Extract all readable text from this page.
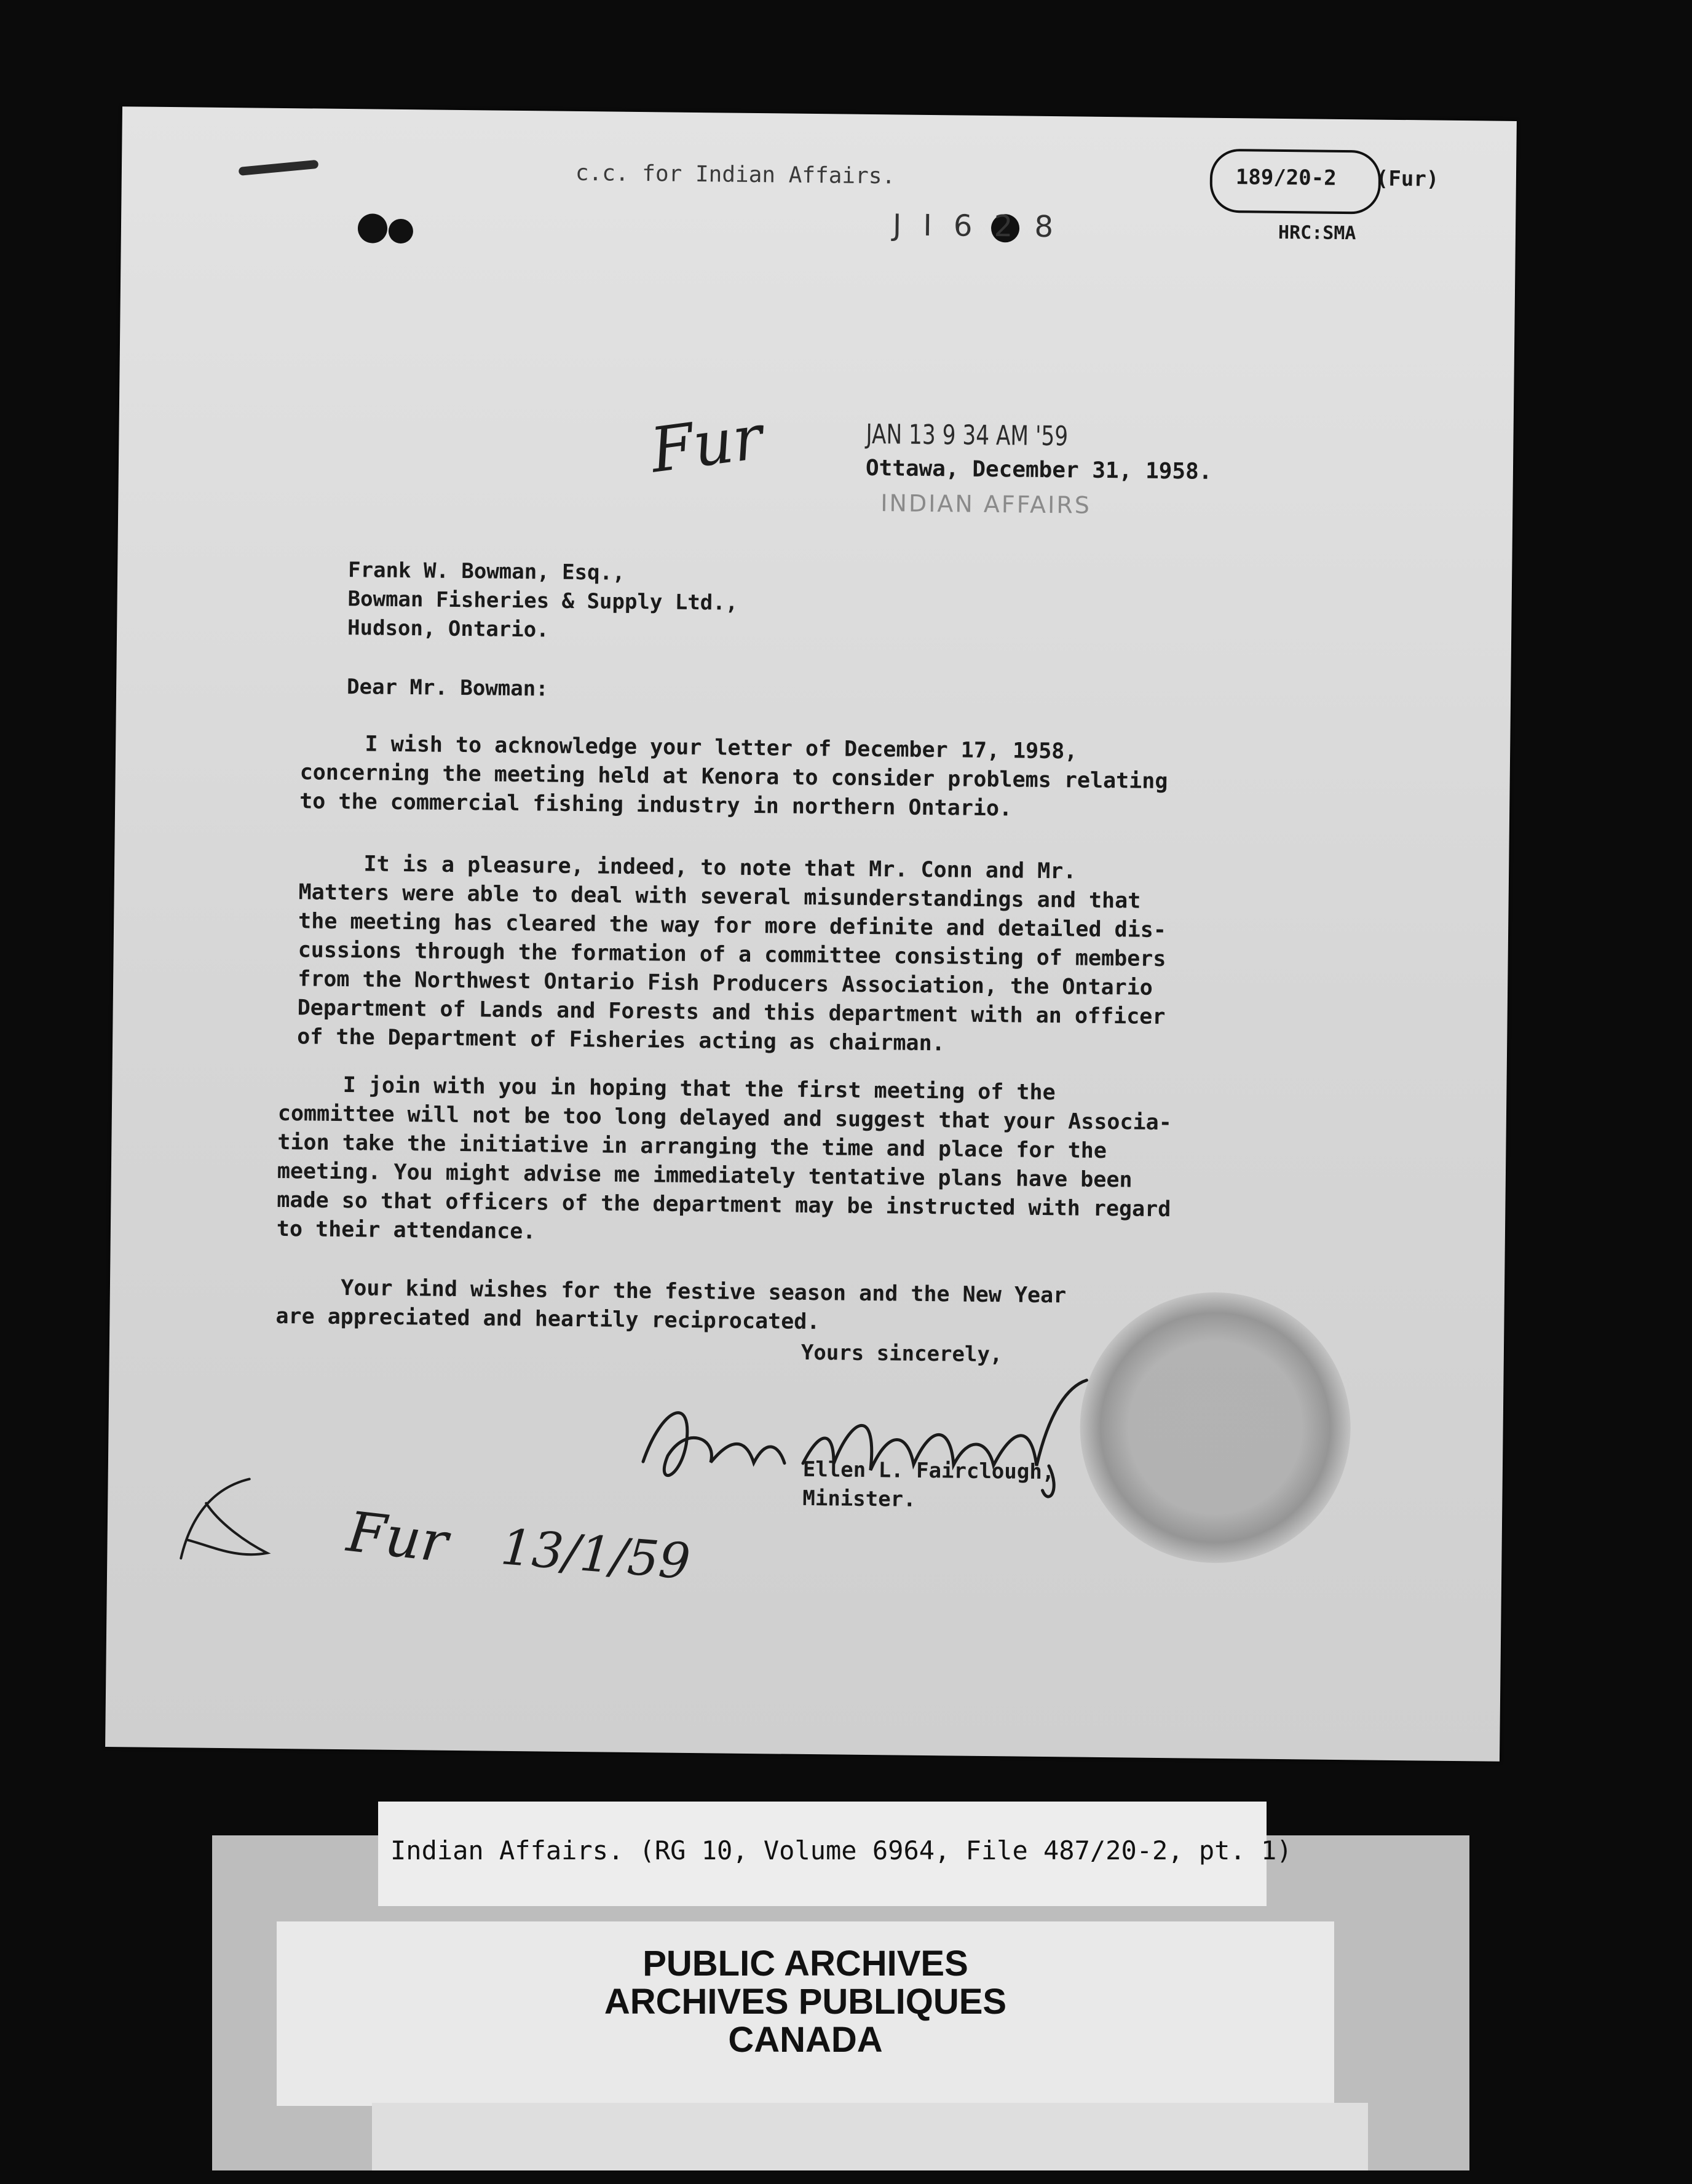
c.c. for Indian Affairs.	189/20-2 (Fur)
J I 6 2 8	HRC:SMA
Fur	JAN 13 9 34 AM '59
Ottawa, December 31, 1958.
INDIAN AFFAIRS
Frank W. Bowman, Esq.,
Bowman Fisheries & Supply Ltd.,
Hudson, Ontario.
Dear Mr. Bowman:
I wish to acknowledge your letter of December 17, 1958,
concerning the meeting held at Kenora to consider problems relating
to the commercial fishing industry in northern Ontario.
It is a pleasure, indeed, to note that Mr. Conn and Mr.
Matters were able to deal with several misunderstandings and that
the meeting has cleared the way for more definite and detailed dis-
cussions through the formation of a committee consisting of members
from the Northwest Ontario Fish Producers Association, the Ontario
Department of Lands and Forests and this department with an officer
of the Department of Fisheries acting as chairman.
I join with you in hoping that the first meeting of the
committee will not be too long delayed and suggest that your Associa-
tion take the initiative in arranging the time and place for the
meeting. You might advise me immediately tentative plans have been
made so that officers of the department may be instructed with regard
to their attendance.
Your kind wishes for the festive season and the New Year
are appreciated and heartily reciprocated.
Yours sincerely,
Ellen L. Fairclough,
Minister.
Fur 13/1/59
Indian Affairs. (RG 10, Volume 6964, File 487/20-2, pt. 1)
PUBLIC ARCHIVES
ARCHIVES PUBLIQUES
CANADA
